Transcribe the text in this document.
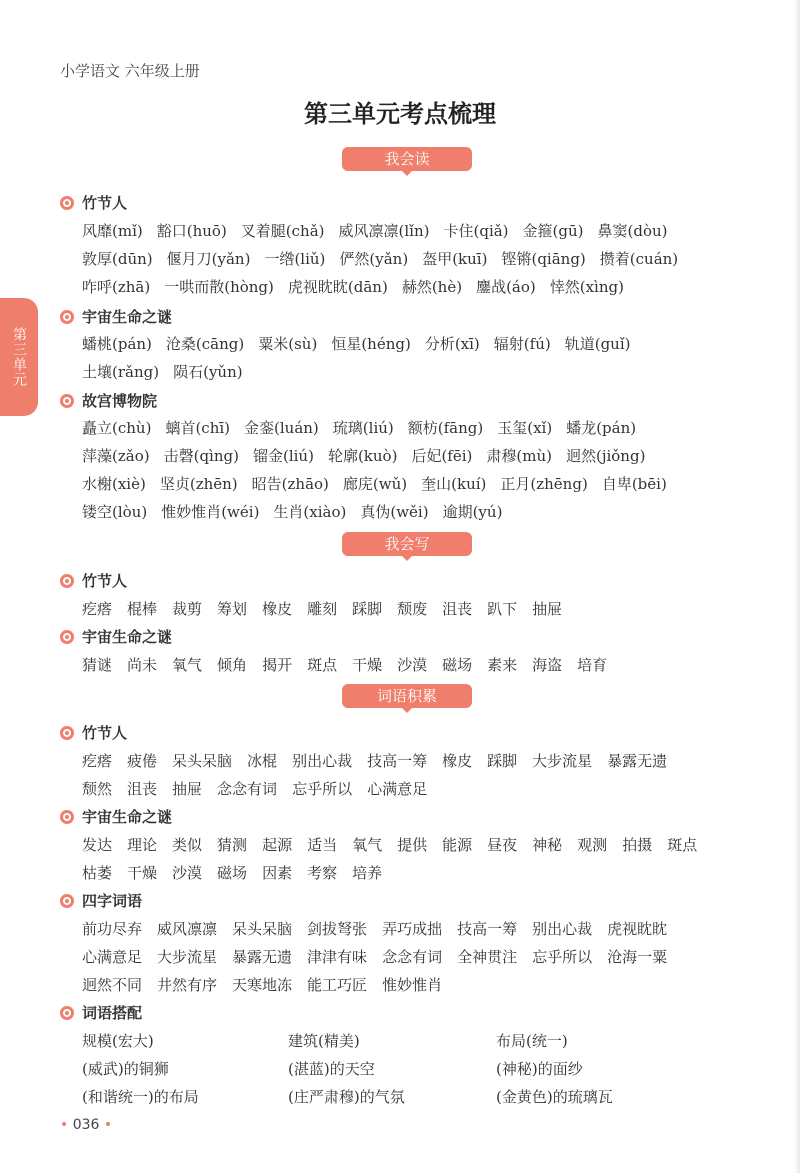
小学语文 六年级上册
第三单元考点梳理
第三单元
我会读
竹节人
风靡(mǐ) 豁口(huō) 叉着腿(chǎ) 威风凛凛(lǐn) 卡住(qiǎ) 金箍(gū) 鼻窦(dòu)
敦厚(dūn) 偃月刀(yǎn) 一绺(liǔ) 俨然(yǎn) 盔甲(kuī) 铿锵(qiāng) 攒着(cuán)
咋呼(zhā) 一哄而散(hòng) 虎视眈眈(dān) 赫然(hè) 鏖战(áo) 悻然(xìng)
宇宙生命之谜
蟠桃(pán) 沧桑(cāng) 粟米(sù) 恒星(héng) 分析(xī) 辐射(fú) 轨道(guǐ)
土壤(rǎng) 陨石(yǔn)
故宫博物院
矗立(chù) 螭首(chī) 金銮(luán) 琉璃(liú) 额枋(fāng) 玉玺(xǐ) 蟠龙(pán)
萍藻(zǎo) 击磬(qìng) 镏金(liú) 轮廓(kuò) 后妃(fēi) 肃穆(mù) 迥然(jiǒng)
水榭(xiè) 坚贞(zhēn) 昭告(zhāo) 廊庑(wǔ) 奎山(kuí) 正月(zhēng) 自卑(bēi)
镂空(lòu) 惟妙惟肖(wéi) 生肖(xiào) 真伪(wěi) 逾期(yú)
我会写
竹节人
疙瘩 棍棒 裁剪 筹划 橡皮 雕刻 踩脚 颓废 沮丧 趴下 抽屉
宇宙生命之谜
猜谜 尚未 氧气 倾角 揭开 斑点 干燥 沙漠 磁场 素来 海盗 培育
词语积累
竹节人
疙瘩 疲倦 呆头呆脑 冰棍 别出心裁 技高一筹 橡皮 踩脚 大步流星 暴露无遗
颓然 沮丧 抽屉 念念有词 忘乎所以 心满意足
宇宙生命之谜
发达 理论 类似 猜测 起源 适当 氧气 提供 能源 昼夜 神秘 观测 拍摄 斑点
枯萎 干燥 沙漠 磁场 因素 考察 培养
四字词语
前功尽弃 威风凛凛 呆头呆脑 剑拔弩张 弄巧成拙 技高一筹 别出心裁 虎视眈眈
心满意足 大步流星 暴露无遗 津津有味 念念有词 全神贯注 忘乎所以 沧海一粟
迥然不同 井然有序 天寒地冻 能工巧匠 惟妙惟肖
词语搭配
规模(宏大)	建筑(精美)	布局(统一)
(威武)的铜狮	(湛蓝)的天空	(神秘)的面纱
(和谐统一)的布局	(庄严肃穆)的气氛	(金黄色)的琉璃瓦
• 036 •
